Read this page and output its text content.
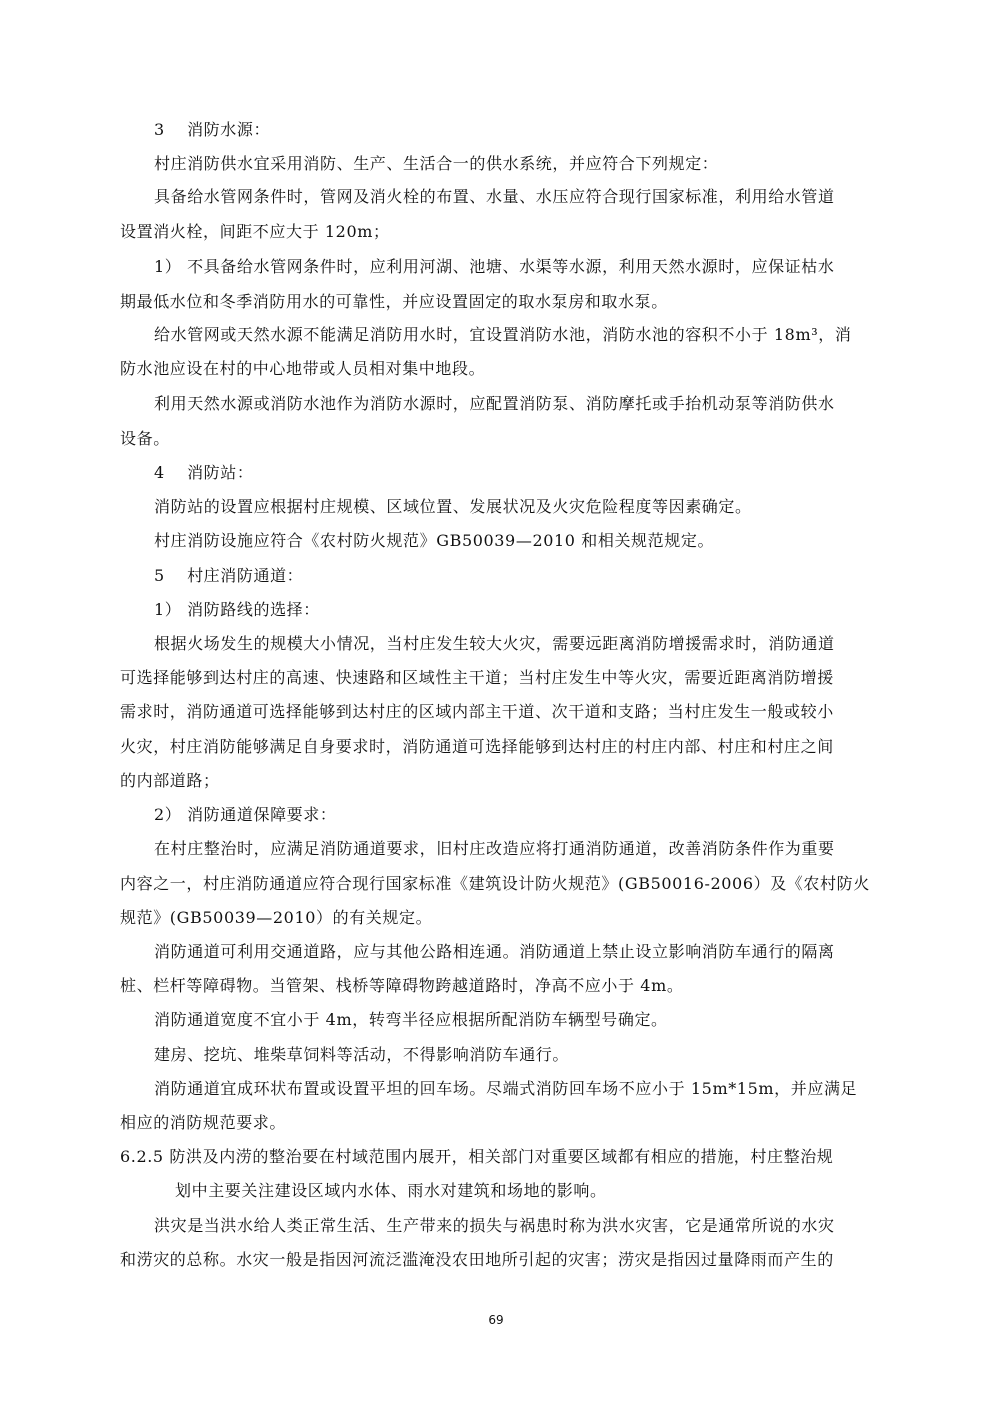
3　 消防水源：
村庄消防供水宜采用消防、生产、生活合一的供水系统，并应符合下列规定：
具备给水管网条件时，管网及消火栓的布置、水量、水压应符合现行国家标准，利用给水管道
设置消火栓，间距不应大于 120m；
1） 不具备给水管网条件时，应利用河湖、池塘、水渠等水源，利用天然水源时，应保证枯水
期最低水位和冬季消防用水的可靠性，并应设置固定的取水泵房和取水泵。
给水管网或天然水源不能满足消防用水时，宜设置消防水池，消防水池的容积不小于 18m³，消
防水池应设在村的中心地带或人员相对集中地段。
利用天然水源或消防水池作为消防水源时，应配置消防泵、消防摩托或手抬机动泵等消防供水
设备。
4　 消防站：
消防站的设置应根据村庄规模、区域位置、发展状况及火灾危险程度等因素确定。
村庄消防设施应符合《农村防火规范》GB50039—2010 和相关规范规定。
5　 村庄消防通道：
1） 消防路线的选择：
根据火场发生的规模大小情况，当村庄发生较大火灾，需要远距离消防增援需求时，消防通道
可选择能够到达村庄的高速、快速路和区域性主干道；当村庄发生中等火灾，需要近距离消防增援
需求时，消防通道可选择能够到达村庄的区域内部主干道、次干道和支路；当村庄发生一般或较小
火灾，村庄消防能够满足自身要求时，消防通道可选择能够到达村庄的村庄内部、村庄和村庄之间
的内部道路；
2） 消防通道保障要求：
在村庄整治时，应满足消防通道要求，旧村庄改造应将打通消防通道，改善消防条件作为重要
内容之一，村庄消防通道应符合现行国家标准《建筑设计防火规范》(GB50016-2006）及《农村防火
规范》(GB50039—2010）的有关规定。
消防通道可利用交通道路，应与其他公路相连通。消防通道上禁止设立影响消防车通行的隔离
桩、栏杆等障碍物。当管架、栈桥等障碍物跨越道路时，净高不应小于 4m。
消防通道宽度不宜小于 4m，转弯半径应根据所配消防车辆型号确定。
建房、挖坑、堆柴草饲料等活动，不得影响消防车通行。
消防通道宜成环状布置或设置平坦的回车场。尽端式消防回车场不应小于 15m*15m，并应满足
相应的消防规范要求。
6.2.5 防洪及内涝的整治要在村域范围内展开，相关部门对重要区域都有相应的措施，村庄整治规
划中主要关注建设区域内水体、雨水对建筑和场地的影响。
洪灾是当洪水给人类正常生活、生产带来的损失与祸患时称为洪水灾害，它是通常所说的水灾
和涝灾的总称。水灾一般是指因河流泛滥淹没农田地所引起的灾害；涝灾是指因过量降雨而产生的
69
